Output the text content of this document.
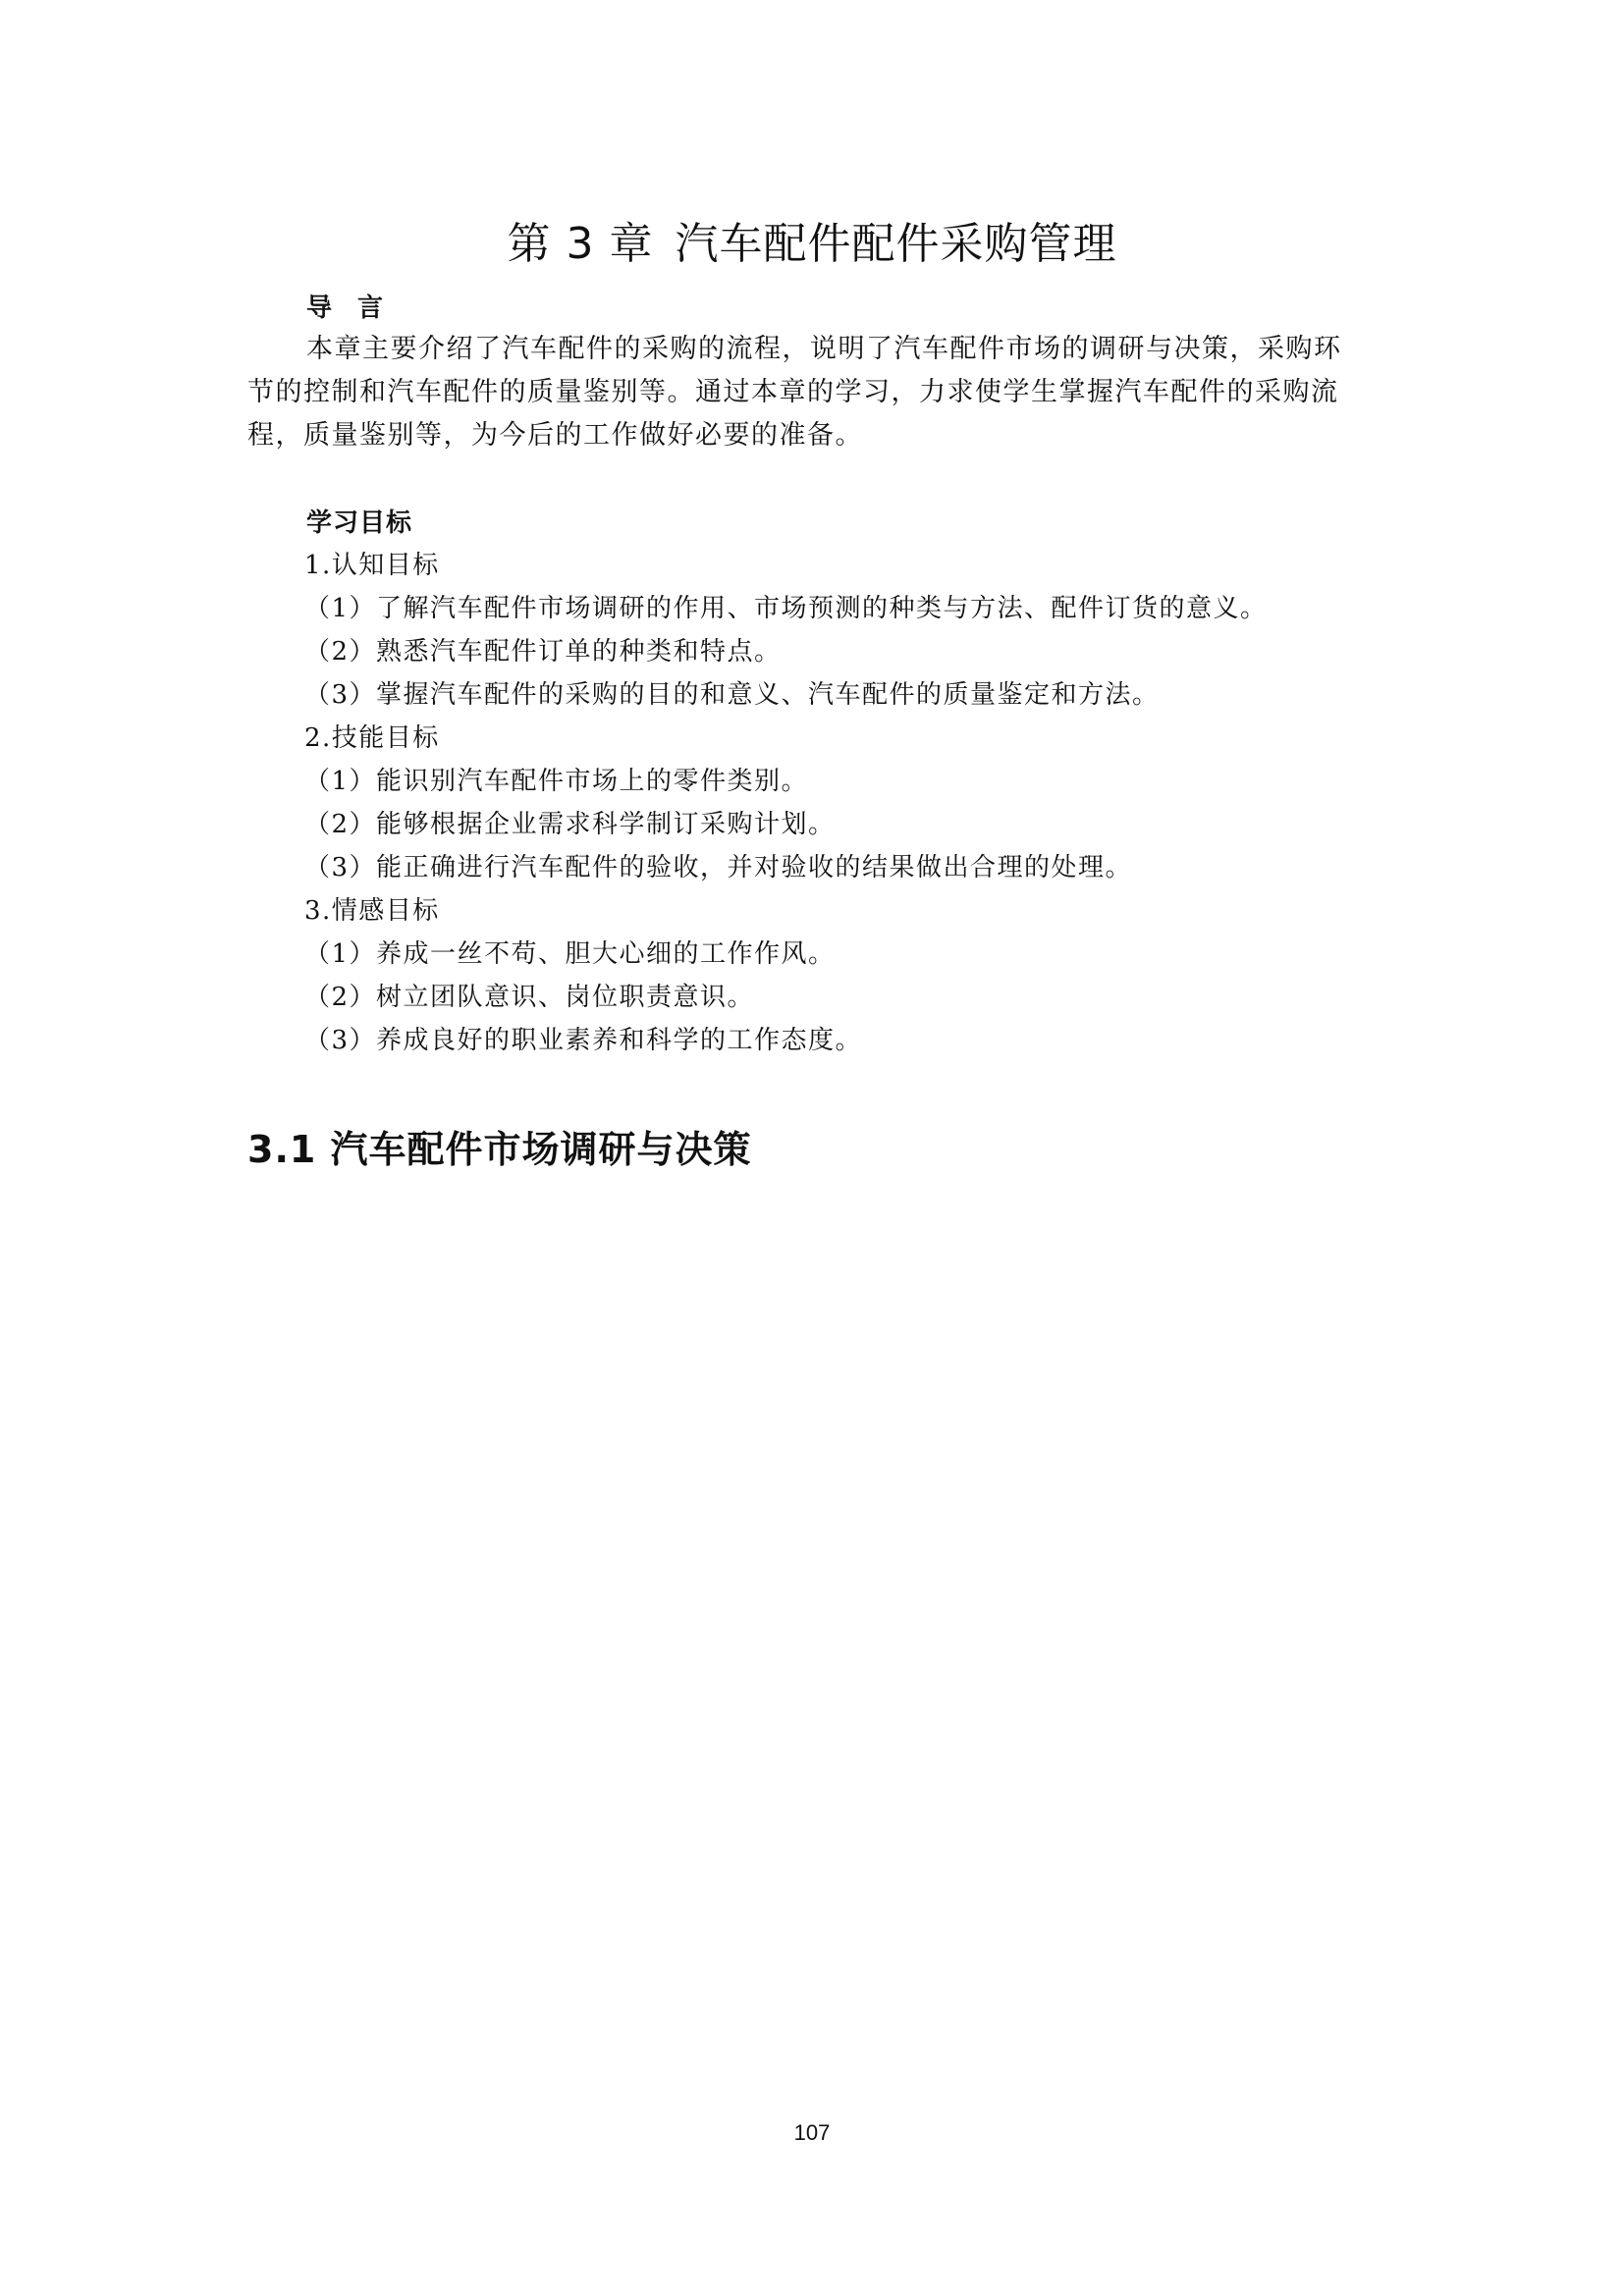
第 3 章 汽车配件配件采购管理
导言
本章主要介绍了汽车配件的采购的流程，说明了汽车配件市场的调研与决策，采购环
节的控制和汽车配件的质量鉴别等。通过本章的学习，力求使学生掌握汽车配件的采购流
程，质量鉴别等，为今后的工作做好必要的准备。
学习目标
1.认知目标
（1）了解汽车配件市场调研的作用、市场预测的种类与方法、配件订货的意义。
（2）熟悉汽车配件订单的种类和特点。
（3）掌握汽车配件的采购的目的和意义、汽车配件的质量鉴定和方法。
2.技能目标
（1）能识别汽车配件市场上的零件类别。
（2）能够根据企业需求科学制订采购计划。
（3）能正确进行汽车配件的验收，并对验收的结果做出合理的处理。
3.情感目标
（1）养成一丝不苟、胆大心细的工作作风。
（2）树立团队意识、岗位职责意识。
（3）养成良好的职业素养和科学的工作态度。
3.1 汽车配件市场调研与决策
107
